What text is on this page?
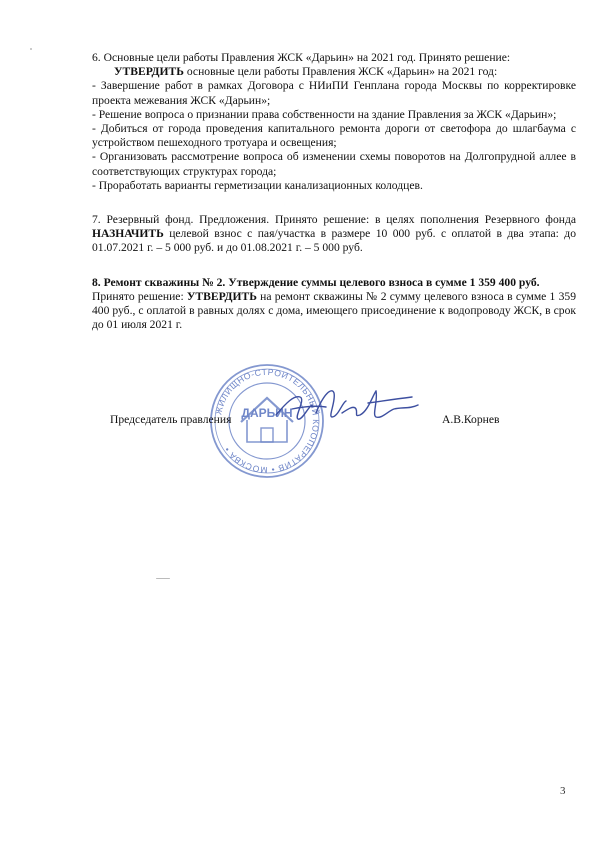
6. Основные цели работы Правления ЖСК «Дарьин» на 2021 год. Принято решение:

УТВЕРДИТЬ основные цели работы Правления ЖСК «Дарьин» на 2021 год:

- Завершение работ в рамках Договора с НИиПИ Генплана города Москвы по корректировке проекта межевания ЖСК «Дарьин»;

- Решение вопроса о признании права собственности на здание Правления за ЖСК «Дарьин»;

- Добиться от города проведения капитального ремонта дороги от светофора до шлагбаума с устройством пешеходного тротуара и освещения;

- Организовать рассмотрение вопроса об изменении схемы поворотов на Долгопрудной аллее в соответствующих структурах города;

- Проработать варианты герметизации канализационных колодцев.

7. Резервный фонд. Предложения. Принято решение: в целях пополнения Резервного фонда НАЗНАЧИТЬ целевой взнос с пая/участка в размере 10 000 руб. с оплатой в два этапа: до 01.07.2021 г. – 5 000 руб. и до 01.08.2021 г. – 5 000 руб.

8. Ремонт скважины № 2. Утверждение суммы целевого взноса в сумме 1 359 400 руб.

Принято решение: УТВЕРДИТЬ на ремонт скважины № 2 сумму целевого взноса в сумме 1 359 400 руб., с оплатой в равных долях с дома, имеющего присоединение к водопроводу ЖСК, в срок до 01 июля 2021 г.

ЖИЛИЩНО-СТРОИТЕЛЬНЫЙ КООПЕРАТИВ • МОСКВА •
ДАРЬИН
Председатель правления	А.В.Корнев
3
